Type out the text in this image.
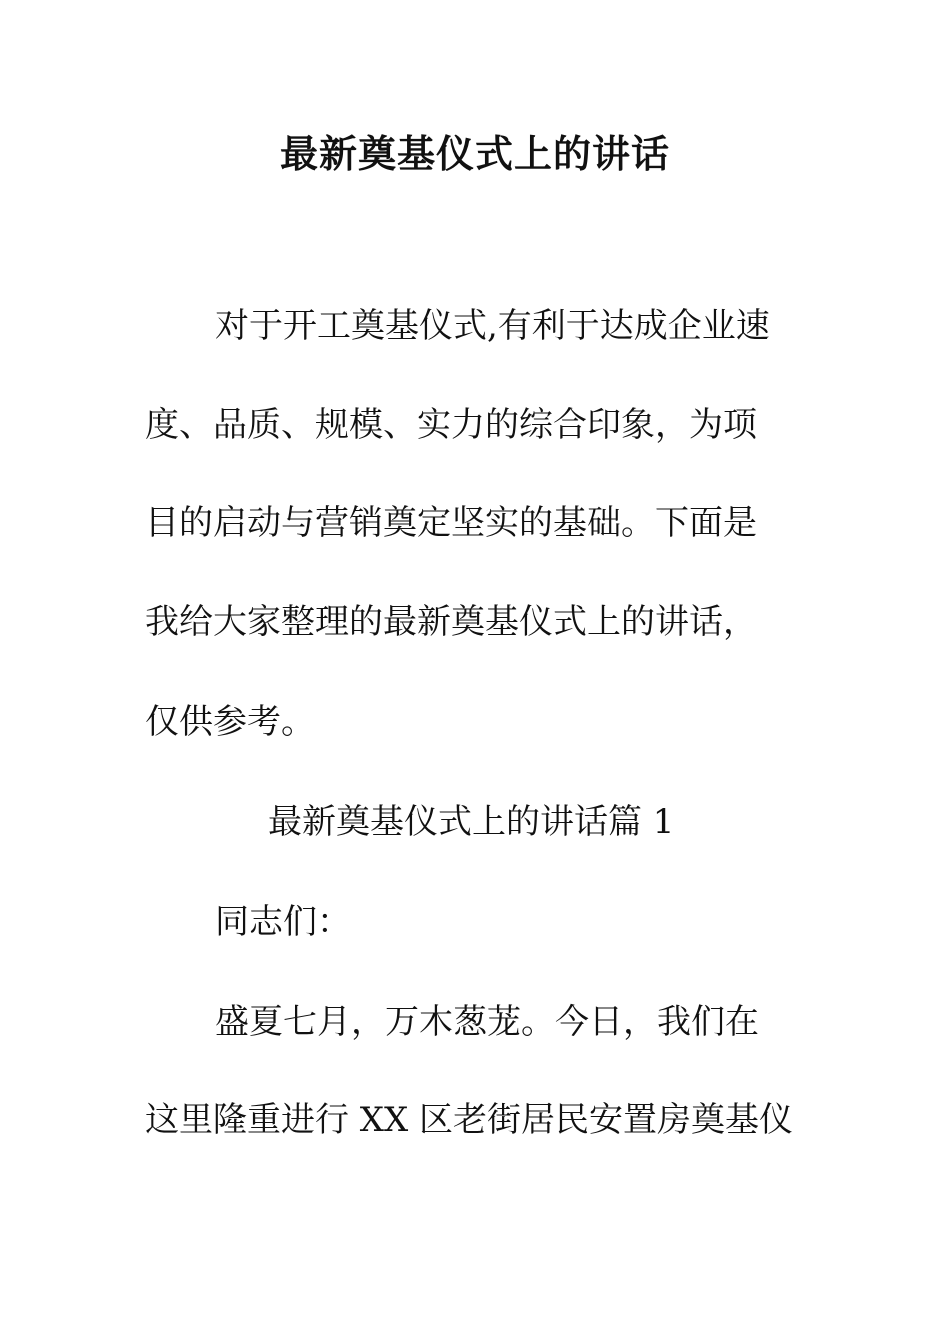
最新奠基仪式上的讲话
对于开工奠基仪式,有利于达成企业速
度、品质、规模、实力的综合印象，为项
目的启动与营销奠定坚实的基础。下面是
我给大家整理的最新奠基仪式上的讲话，
仅供参考。
最新奠基仪式上的讲话篇 1
同志们：
盛夏七月，万木葱茏。今日，我们在
这里隆重进行 XX 区老街居民安置房奠基仪
